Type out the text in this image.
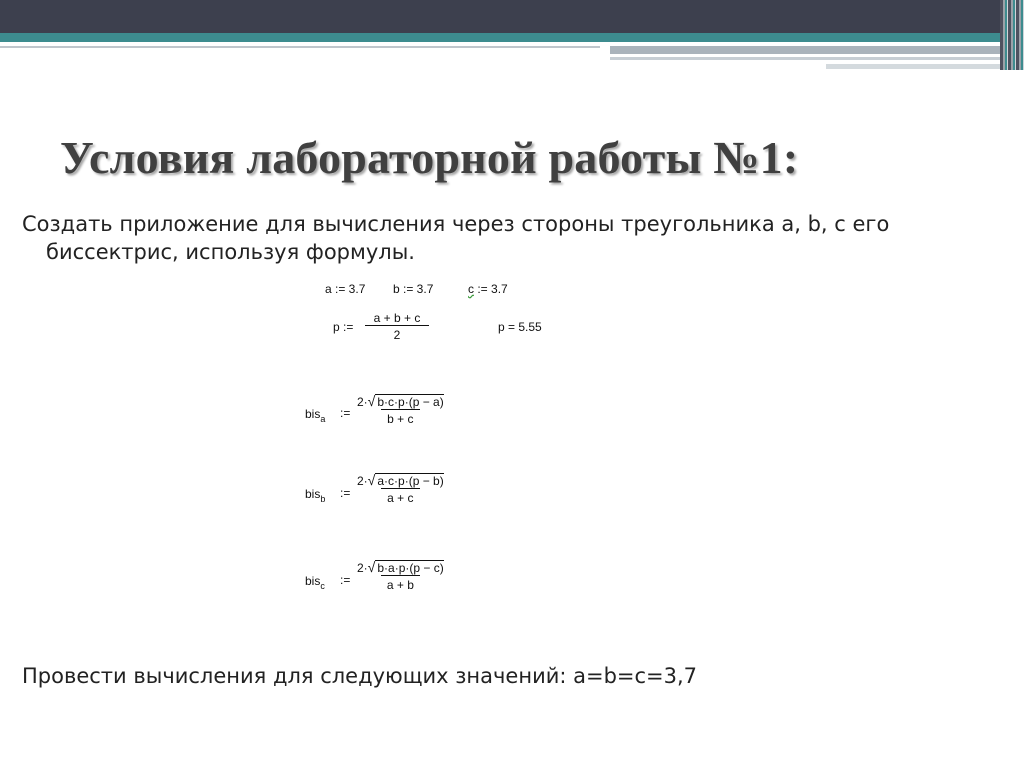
Условия лабораторной работы №1:

Создать приложение для вычисления через стороны треугольника a, b, c его
биссектрис, используя формулы.

a := 3.7 b := 3.7	c := 3.7
p := $\frac{a + b + c}{2}$	p = 5.55
bis$_a$ := $\frac{2\cdot√ b\cdot c\cdot p\cdot(p - a)}{b + c}$
bis$_b$ := $\frac{2\cdot√ a\cdot c\cdot p\cdot(p - b)}{a + c}$
bis$_c$ := $\frac{2\cdot√ b\cdot a\cdot p\cdot(p - c)}{a + b}$

Провести вычисления для следующих значений: a=b=c=3,7
